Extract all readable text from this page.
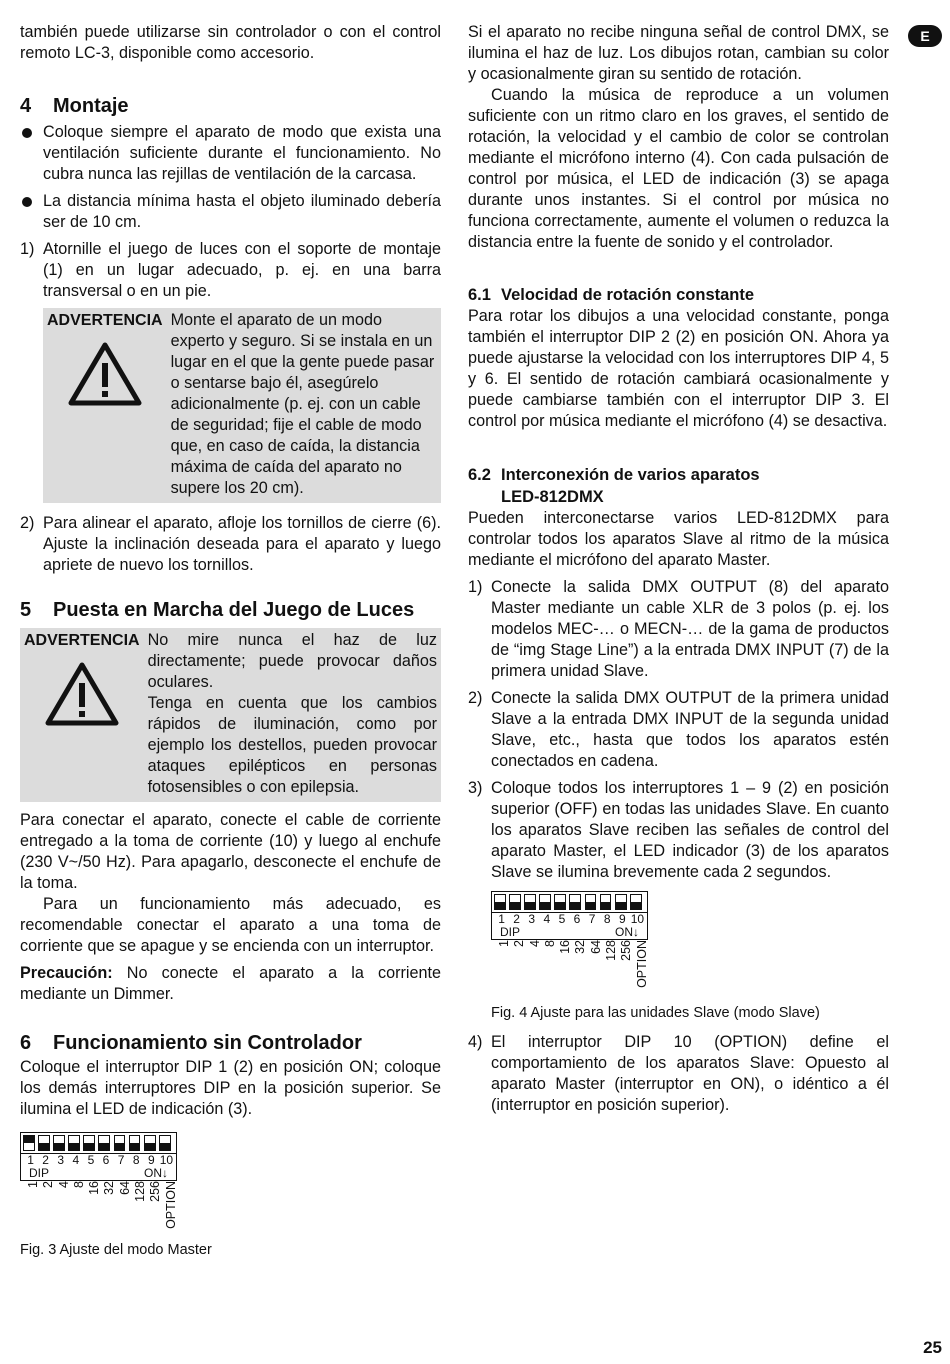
E

también puede utilizarse sin controlador o con el control remoto LC-3, disponible como accesorio.

4	Montaje
Coloque siempre el aparato de modo que exista una ventilación suficiente durante el funcionamiento. No cubra nunca las rejillas de ventilación de la carcasa.
La distancia mínima hasta el objeto iluminado debería ser de 10 cm.
1) Atornille el juego de luces con el soporte de montaje (1) en un lugar adecuado, p. ej. en una barra transversal o en un pie.
ADVERTENCIA Monte el aparato de un modo experto y seguro. Si se instala en un lugar en el que la gente puede pasar o sentarse bajo él, asegúrelo adicionalmente (p. ej. con un cable de seguridad; fije el cable de modo que, en caso de caída, la distancia máxima de caída del aparato no supere los 20 cm).
2) Para alinear el aparato, afloje los tornillos de cierre (6). Ajuste la inclinación deseada para el aparato y luego apriete de nuevo los tornillos.
5	Puesta en Marcha del Juego de Luces
ADVERTENCIA No mire nunca el haz de luz directamente; puede provocar daños oculares.
Tenga en cuenta que los cambios rápidos de iluminación, como por ejemplo los destellos, pueden provocar ataques epilépticos en personas fotosensibles o con epilepsia.

Para conectar el aparato, conecte el cable de corriente entregado a la toma de corriente (10) y luego al enchufe (230 V~/50 Hz). Para apagarlo, desconecte el enchufe de la toma.

Para un funcionamiento más adecuado, es recomendable conectar el aparato a una toma de corriente que se apague y se encienda con un interruptor.

Precaución: No conecte el aparato a la corriente mediante un Dimmer.

6	Funcionamiento sin Controlador

Coloque el interruptor DIP 1 (2) en posición ON; coloque los demás interruptores DIP en la posición superior. Se ilumina el LED de indicación (3).

1 2 3 4 5 6 7 8 9 10
DIP	ON↓
1 2 4 8 16 32 64 128 256 OPTION
Fig. 3 Ajuste del modo Master

Si el aparato no recibe ninguna señal de control DMX, se ilumina el haz de luz. Los dibujos rotan, cambian su color y ocasionalmente giran su sentido de rotación.

Cuando la música de reproduce a un volumen suficiente con un ritmo claro en los graves, el sentido de rotación, la velocidad y el cambio de color se controlan mediante el micrófono interno (4). Con cada pulsación de control por música, el LED de indicación (3) se apaga durante unos instantes. Si el control por música no funciona correctamente, aumente el volumen o reduzca la distancia entre la fuente de sonido y el controlador.

6.1 Velocidad de rotación constante

Para rotar los dibujos a una velocidad constante, ponga también el interruptor DIP 2 (2) en posición ON. Ahora ya puede ajustarse la velocidad con los interruptores DIP 4, 5 y 6. El sentido de rotación cambiará ocasionalmente y puede cambiarse también con el interruptor DIP 3. El control por música mediante el micrófono (4) se desactiva.

6.2 Interconexión de varios aparatos LED-812DMX

Pueden interconectarse varios LED-812DMX para controlar todos los aparatos Slave al ritmo de la música mediante el micrófono del aparato Master.

1) Conecte la salida DMX OUTPUT (8) del aparato Master mediante un cable XLR de 3 polos (p. ej. los modelos MEC-… o MECN-… de la gama de productos de “img Stage Line”) a la entrada DMX INPUT (7) de la primera unidad Slave.
2) Conecte la salida DMX OUTPUT de la primera unidad Slave a la entrada DMX INPUT de la segunda unidad Slave, etc., hasta que todos los aparatos estén conectados en cadena.
3) Coloque todos los interruptores 1 – 9 (2) en posición superior (OFF) en todas las unidades Slave. En cuanto los aparatos Slave reciben las señales de control del aparato Master, el LED indicador (3) de los aparatos Slave se ilumina brevemente cada 2 segundos.
1 2 3 4 5 6 7 8 9 10
DIP	ON↓
1 2 4 8 16 32 64 128 256 OPTION
Fig. 4 Ajuste para las unidades Slave (modo Slave)
4) El interruptor DIP 10 (OPTION) define el comportamiento de los aparatos Slave: Opuesto al aparato Master (interruptor en ON), o idéntico a él (interruptor en posición superior).
25
